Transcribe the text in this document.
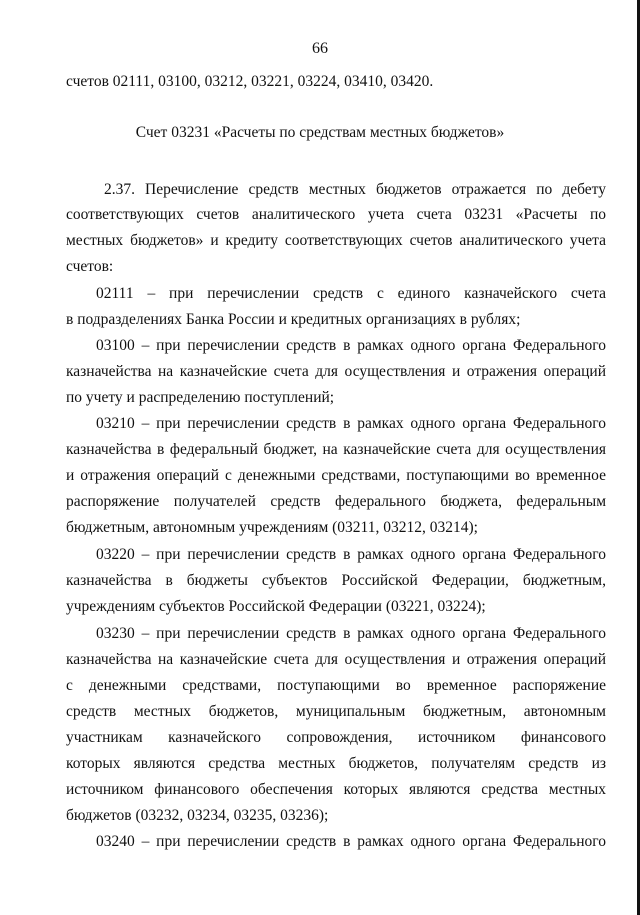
66
счетов 02111, 03100, 03212, 03221, 03224, 03410, 03420.
Счет 03231 «Расчеты по средствам местных бюджетов»
2.37. Перечисление средств местных бюджетов отражается по дебету
соответствующих счетов аналитического учета счета 03231 «Расчеты по
местных бюджетов» и кредиту соответствующих счетов аналитического учета
счетов:
02111 – при перечислении средств с единого казначейского счета
в подразделениях Банка России и кредитных организациях в рублях;
03100 – при перечислении средств в рамках одного органа Федерального
казначейства на казначейские счета для осуществления и отражения операций
по учету и распределению поступлений;
03210 – при перечислении средств в рамках одного органа Федерального
казначейства в федеральный бюджет, на казначейские счета для осуществления
и отражения операций с денежными средствами, поступающими во временное
распоряжение получателей средств федерального бюджета, федеральным
бюджетным, автономным учреждениям (03211, 03212, 03214);
03220 – при перечислении средств в рамках одного органа Федерального
казначейства в бюджеты субъектов Российской Федерации, бюджетным,
учреждениям субъектов Российской Федерации (03221, 03224);
03230 – при перечислении средств в рамках одного органа Федерального
казначейства на казначейские счета для осуществления и отражения операций
с денежными средствами, поступающими во временное распоряжение
средств местных бюджетов, муниципальным бюджетным, автономным
участникам казначейского сопровождения, источником финансового
которых являются средства местных бюджетов, получателям средств из
источником финансового обеспечения которых являются средства местных
бюджетов (03232, 03234, 03235, 03236);
03240 – при перечислении средств в рамках одного органа Федерального
